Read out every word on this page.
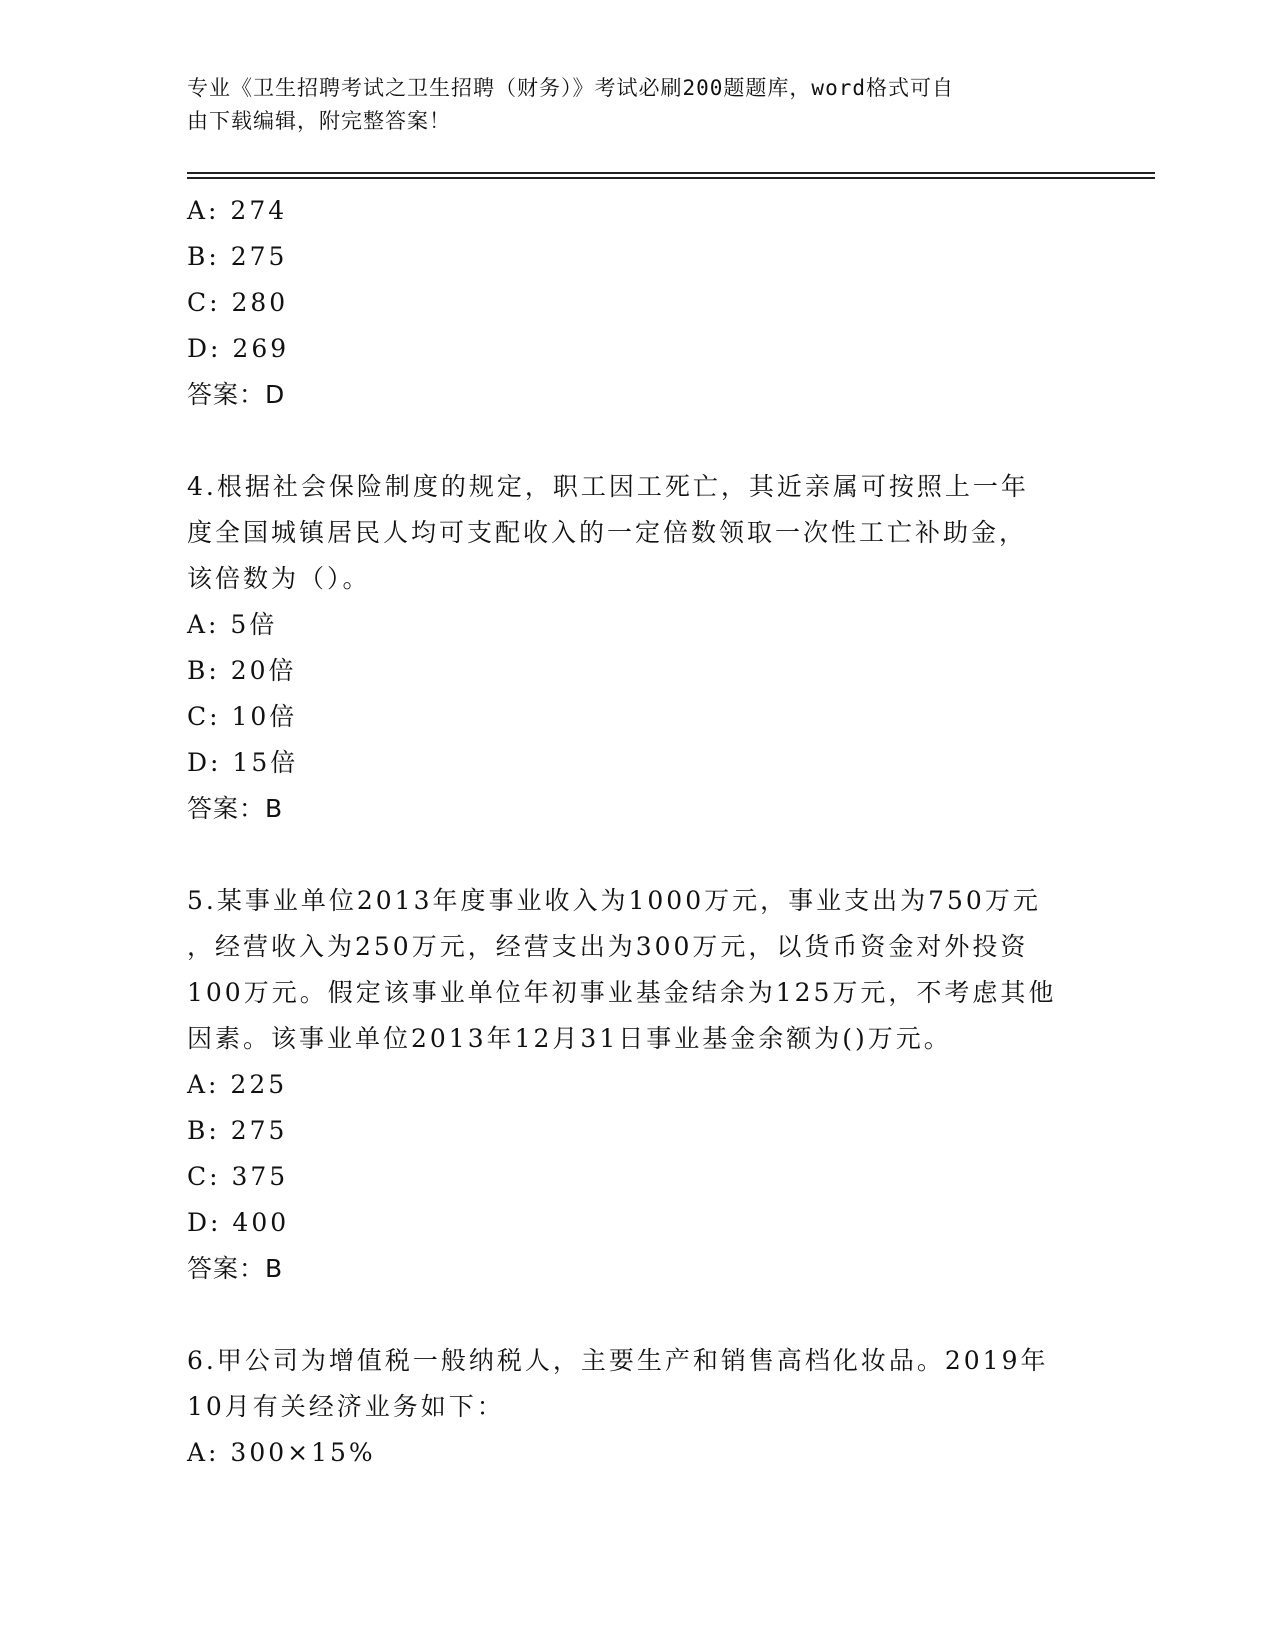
专业《卫生招聘考试之卫生招聘（财务）》考试必刷200题题库，word格式可自
由下载编辑，附完整答案！
A: 274
B: 275
C: 280
D: 269
答案：D
4.根据社会保险制度的规定，职工因工死亡，其近亲属可按照上一年
度全国城镇居民人均可支配收入的一定倍数领取一次性工亡补助金，
该倍数为（）。
A: 5倍
B: 20倍
C: 10倍
D: 15倍
答案：B
5.某事业单位2013年度事业收入为1000万元，事业支出为750万元
，经营收入为250万元，经营支出为300万元，以货币资金对外投资
100万元。假定该事业单位年初事业基金结余为125万元，不考虑其他
因素。该事业单位2013年12月31日事业基金余额为()万元。
A: 225
B: 275
C: 375
D: 400
答案：B
6.甲公司为增值税一般纳税人，主要生产和销售高档化妆品。2019年
10月有关经济业务如下：
A: 300×15%
